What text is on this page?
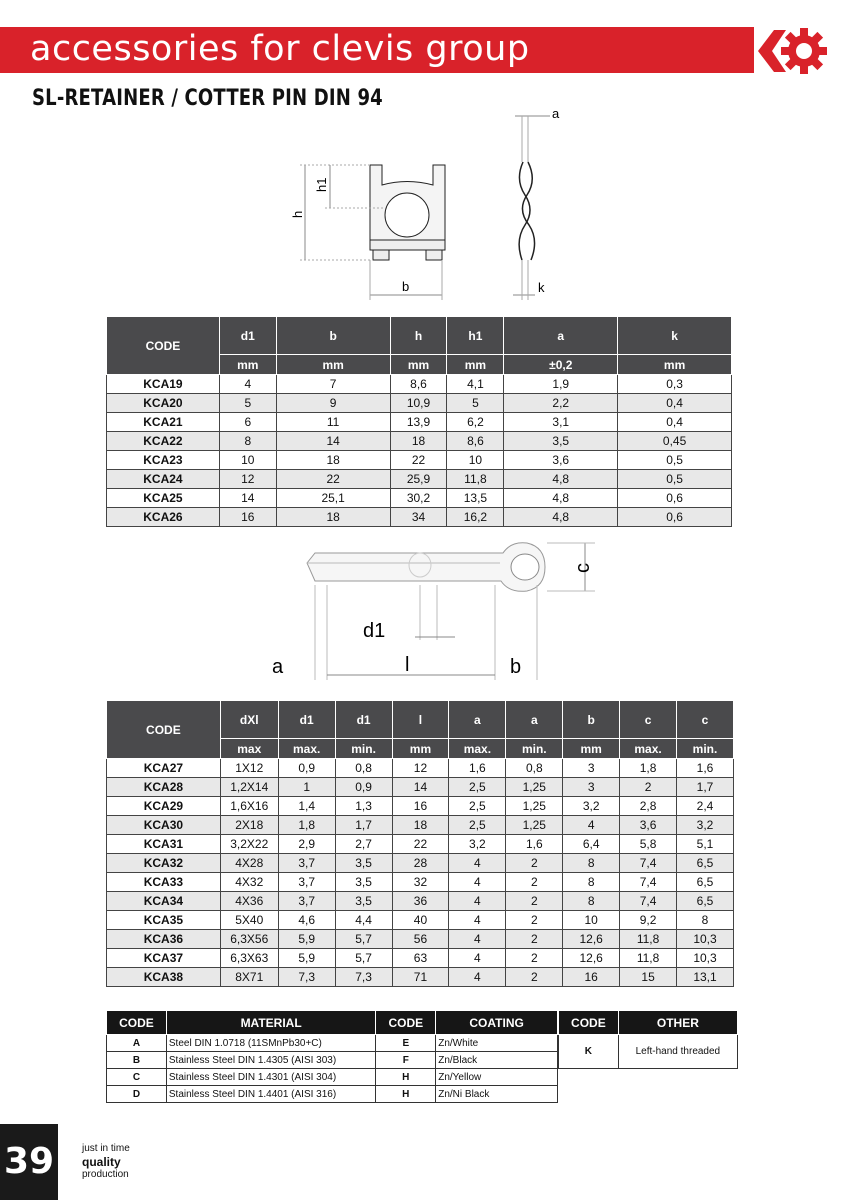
accessories for clevis group
SL-RETAINER / COTTER PIN DIN 94
a
h
h1
b	k
CODE	d1	b	h	h1	a	k
	mm	mm	mm	mm	±0,2	mm
KCA19	4	7	8,6	4,1	1,9	0,3
KCA20	5	9	10,9	5	2,2	0,4
KCA21	6	11	13,9	6,2	3,1	0,4
KCA22	8	14	18	8,6	3,5	0,45
KCA23	10	18	22	10	3,6	0,5
KCA24	12	22	25,9	11,8	4,8	0,5
KCA25	14	25,1	30,2	13,5	4,8	0,6
KCA26	16	18	34	16,2	4,8	0,6
c
d1
a	l	b
CODE	dXl	d1	d1	l	a	a	b	c	c
	max	max.	min.	mm	max.	min.	mm	max.	min.
KCA27	1X12	0,9	0,8	12	1,6	0,8	3	1,8	1,6
KCA28	1,2X14	1	0,9	14	2,5	1,25	3	2	1,7
KCA29	1,6X16	1,4	1,3	16	2,5	1,25	3,2	2,8	2,4
KCA30	2X18	1,8	1,7	18	2,5	1,25	4	3,6	3,2
KCA31	3,2X22	2,9	2,7	22	3,2	1,6	6,4	5,8	5,1
KCA32	4X28	3,7	3,5	28	4	2	8	7,4	6,5
KCA33	4X32	3,7	3,5	32	4	2	8	7,4	6,5
KCA34	4X36	3,7	3,5	36	4	2	8	7,4	6,5
KCA35	5X40	4,6	4,4	40	4	2	10	9,2	8
KCA36	6,3X56	5,9	5,7	56	4	2	12,6	11,8	10,3
KCA37	6,3X63	5,9	5,7	63	4	2	12,6	11,8	10,3
KCA38	8X71	7,3	7,3	71	4	2	16	15	13,1
CODE	MATERIAL	CODE	COATING
A	Steel DIN 1.0718 (11SMnPb30+C)	E	Zn/White
B	Stainless Steel DIN 1.4305 (AISI 303)	F	Zn/Black
C	Stainless Steel DIN 1.4301 (AISI 304)	H	Zn/Yellow
D	Stainless Steel DIN 1.4401 (AISI 316)	H	Zn/Ni Black
CODE	OTHER
K	Left-hand threaded
39	just in time
quality
production
